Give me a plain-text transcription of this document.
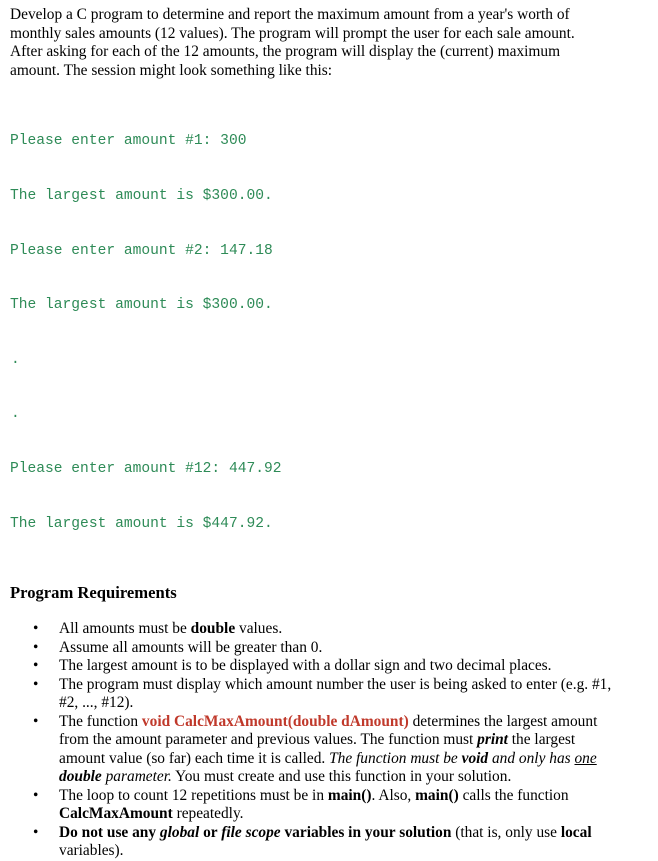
Develop a C program to determine and report the maximum amount from a year's worth of
monthly sales amounts (12 values). The program will prompt the user for each sale amount.
After asking for each of the 12 amounts, the program will display the (current) maximum
amount. The session might look something like this:

Please enter amount #1: 300

The largest amount is $300.00.

Please enter amount #2: 147.18

The largest amount is $300.00.

.

.

Please enter amount #12: 447.92

The largest amount is $447.92.

Program Requirements
• All amounts must be double values.
• Assume all amounts will be greater than 0.
• The largest amount is to be displayed with a dollar sign and two decimal places.
• The program must display which amount number the user is being asked to enter (e.g. #1,
#2, ..., #12).
• The function void CalcMaxAmount(double dAmount) determines the largest amount
from the amount parameter and previous values. The function must print the largest
amount value (so far) each time it is called. The function must be void and only has one
double parameter. You must create and use this function in your solution.
• The loop to count 12 repetitions must be in main(). Also, main() calls the function
CalcMaxAmount repeatedly.
• Do not use any global or file scope variables in your solution (that is, only use local
variables).
